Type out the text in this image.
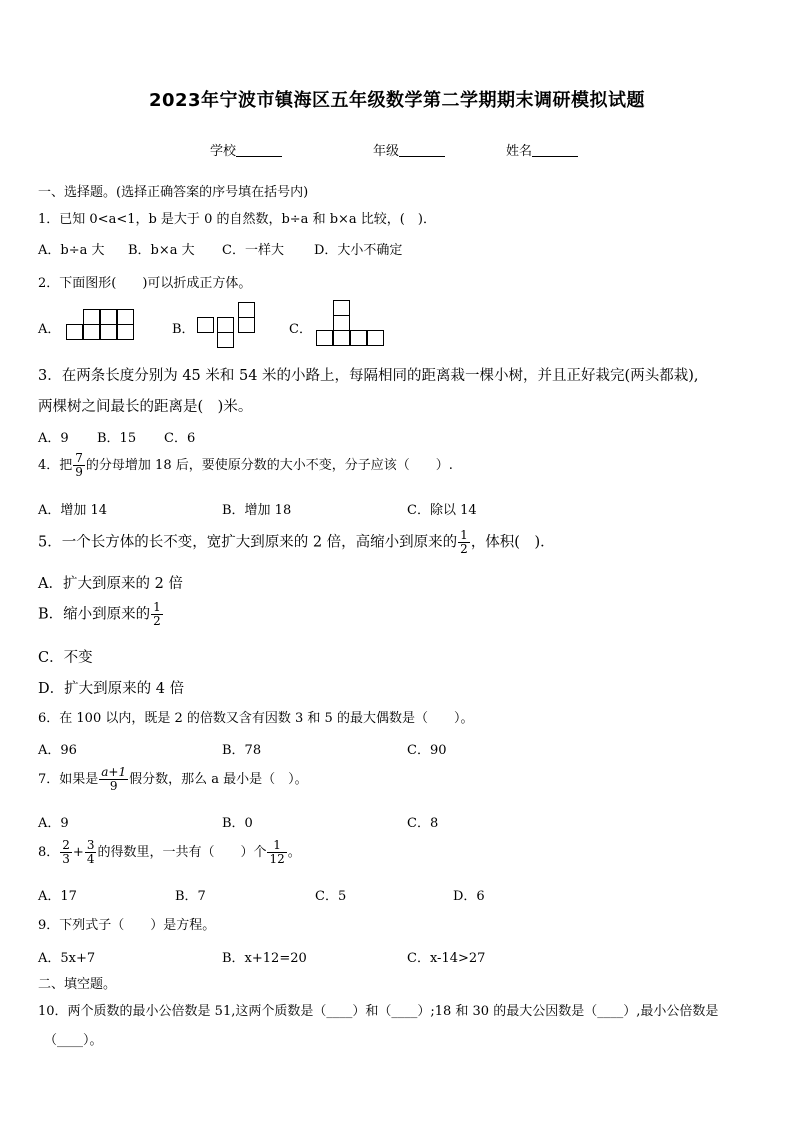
2023年宁波市镇海区五年级数学第二学期期末调研模拟试题
学校	年级	姓名
一、选择题。(选择正确答案的序号填在括号内)
1．已知 0<a<1，b 是大于 0 的自然数，b÷a 和 b×a 比较，(　)．
A．b÷a 大 B．b×a 大 C．一样大 D．大小不确定
2．下面图形(　　)可以折成正方体。
A．	B．	C．
3．在两条长度分别为 45 米和 54 米的小路上，每隔相同的距离栽一棵小树，并且正好栽完(两头都栽),
两棵树之间最长的距离是(　)米。
A．9 B．15 C．6
4．把 $\frac{7}{9}$ 的分母增加 18 后，要使原分数的大小不变，分子应该（　　）.
A．增加 14	B．增加 18	C．除以 14
5．一个长方体的长不变，宽扩大到原来的 2 倍，高缩小到原来的 $\frac{1}{2}$ ，体积(　)．
A．扩大到原来的 2 倍
B．缩小到原来的 $\frac{1}{2}$
C．不变
D．扩大到原来的 4 倍
6．在 100 以内，既是 2 的倍数又含有因数 3 和 5 的最大偶数是（　　）。
A．96	B．78	C．90
7．如果是 $\frac{a+1}{9}$ 假分数，那么 a 最小是（　）。
A．9	B．0	C．8
8． $\frac{2}{3} + \frac{3}{4}$ 的得数里，一共有（　　）个 $\frac{1}{12}$ 。
A．17	B．7	C．5	D．6
9．下列式子（　　）是方程。
A．5x+7	B．x+12=20	C．x-14>27
二、填空题。
10．两个质数的最小公倍数是 51,这两个质数是（____）和（____）;18 和 30 的最大公因数是（____）,最小公倍数是
（____）。
